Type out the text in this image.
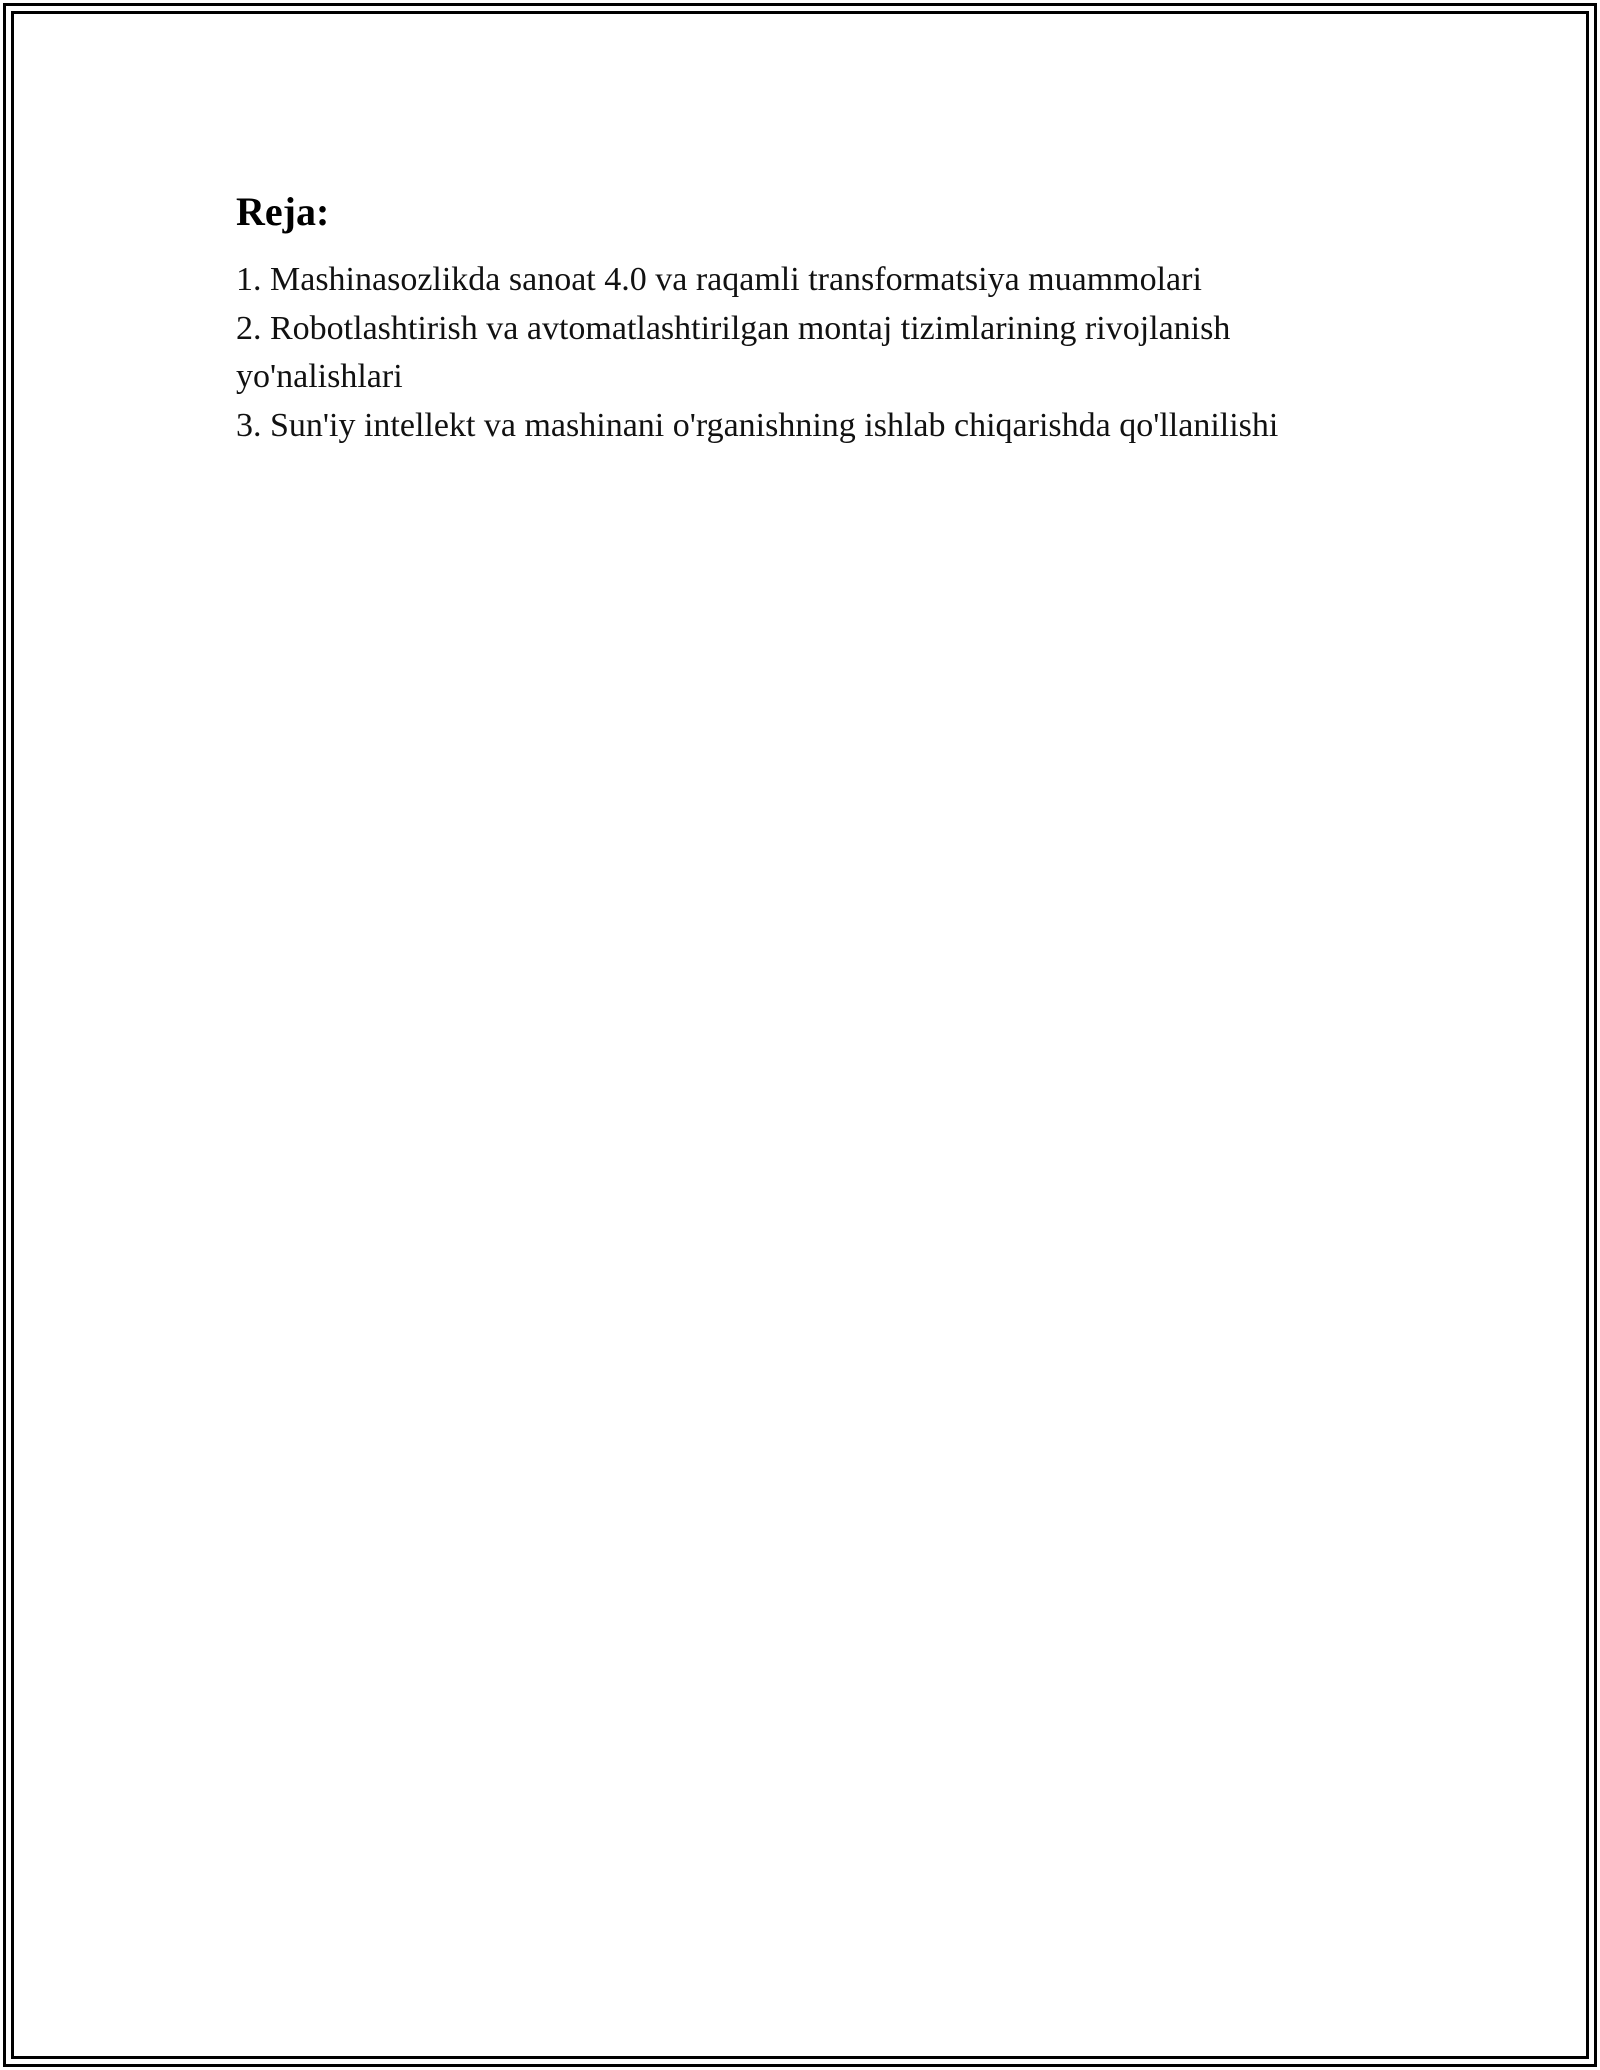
Reja:
1. Mashinasozlikda sanoat 4.0 va raqamli transformatsiya muammolari
2. Robotlashtirish va avtomatlashtirilgan montaj tizimlarining rivojlanish yo'nalishlari
3. Sun'iy intellekt va mashinani o'rganishning ishlab chiqarishda qo'llanilishi
